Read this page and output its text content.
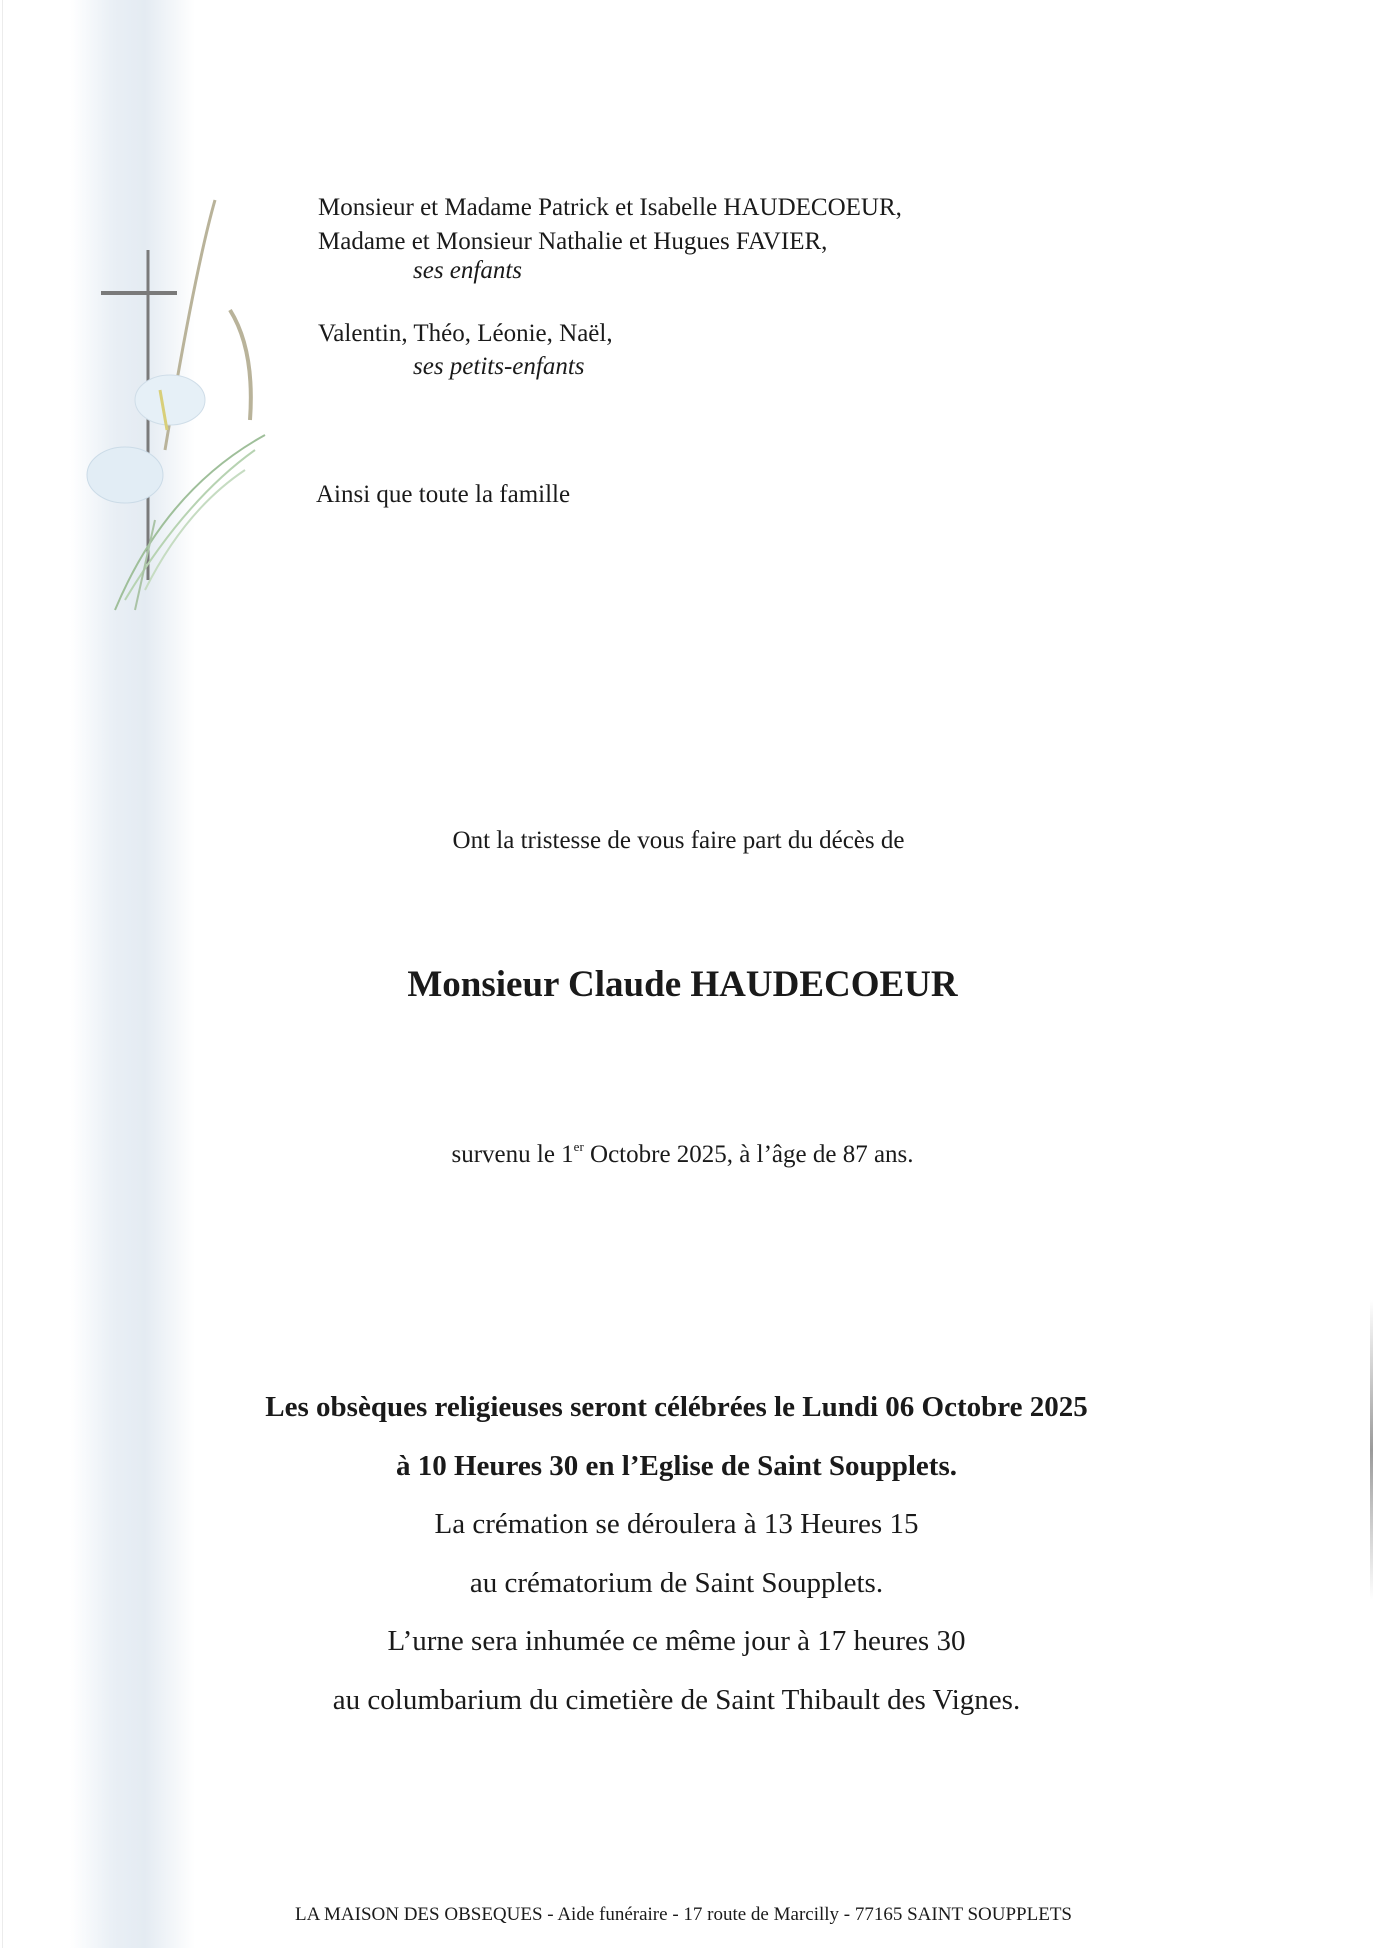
Monsieur et Madame Patrick et Isabelle HAUDECOEUR,
Madame et Monsieur Nathalie et Hugues FAVIER,
ses enfants
Valentin, Théo, Léonie, Naël,
ses petits-enfants
Ainsi que toute la famille
Ont la tristesse de vous faire part du décès de
Monsieur Claude HAUDECOEUR
survenu le 1er Octobre 2025, à l’âge de 87 ans.
Les obsèques religieuses seront célébrées le Lundi 06 Octobre 2025
à 10 Heures 30 en l’Eglise de Saint Soupplets.
La crémation se déroulera à 13 Heures 15
au crématorium de Saint Soupplets.
L’urne sera inhumée ce même jour à 17 heures 30
au columbarium du cimetière de Saint Thibault des Vignes.
LA MAISON DES OBSEQUES - Aide funéraire - 17 route de Marcilly - 77165 SAINT SOUPPLETS
